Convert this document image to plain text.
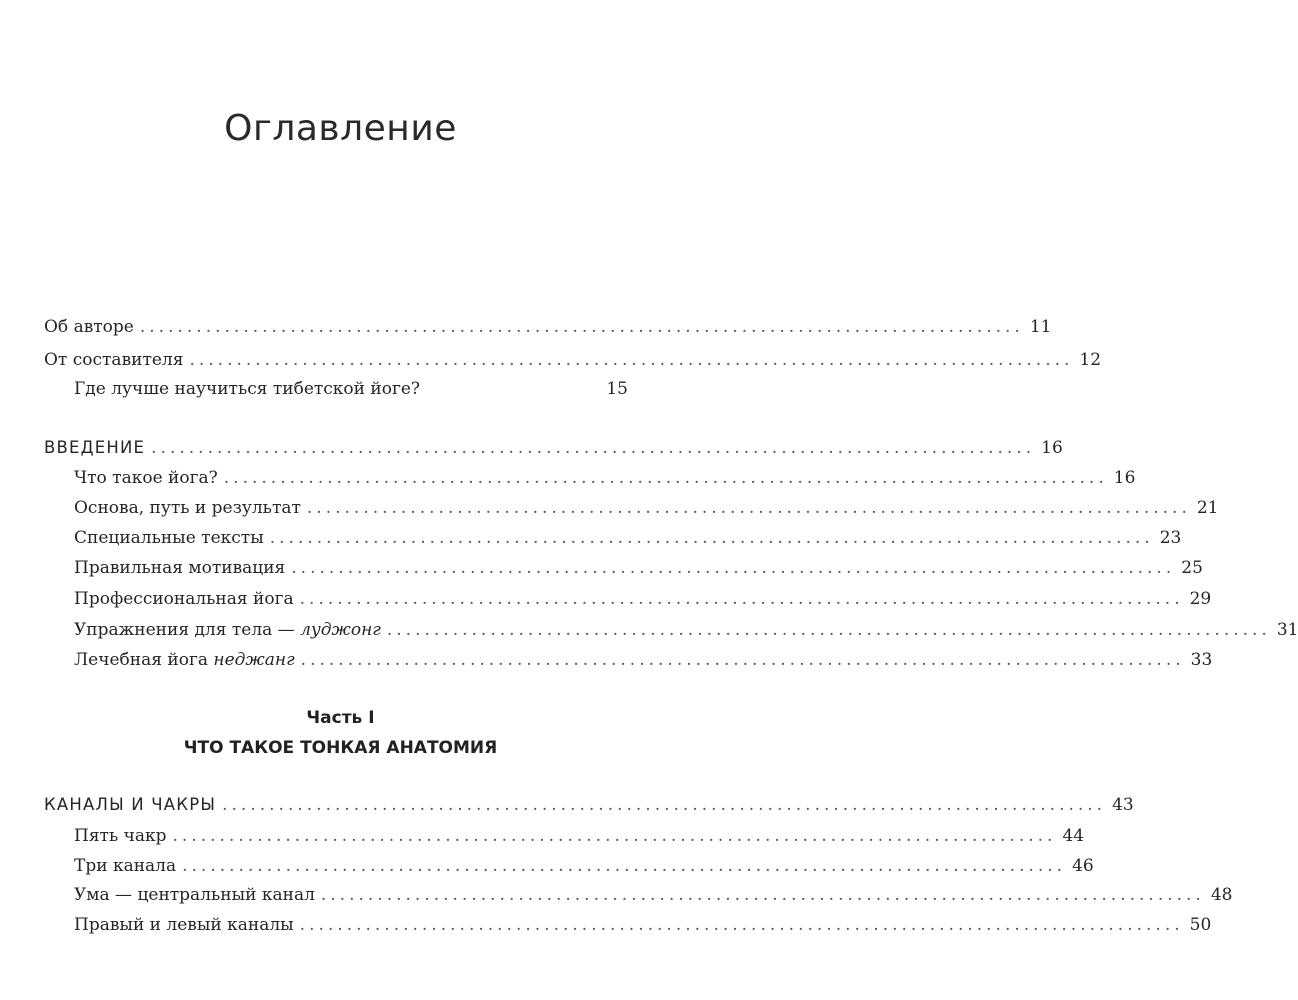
Оглавление
Об авторе .............................................................................................. 11
От составителя .............................................................................................. 12
Где лучше научиться тибетской йоге?	15
ВВЕДЕНИЕ .............................................................................................. 16
Что такое йога? .............................................................................................. 16
Основа, путь и результат .............................................................................................. 21
Специальные тексты .............................................................................................. 23
Правильная мотивация .............................................................................................. 25
Профессиональная йога .............................................................................................. 29
Упражнения для тела — луджонг .............................................................................................. 31
Лечебная йога неджанг .............................................................................................. 33
Часть I
ЧТО ТАКОЕ ТОНКАЯ АНАТОМИЯ
КАНАЛЫ И ЧАКРЫ .............................................................................................. 43
Пять чакр .............................................................................................. 44
Три канала .............................................................................................. 46
Ума — центральный канал .............................................................................................. 48
Правый и левый каналы .............................................................................................. 50
